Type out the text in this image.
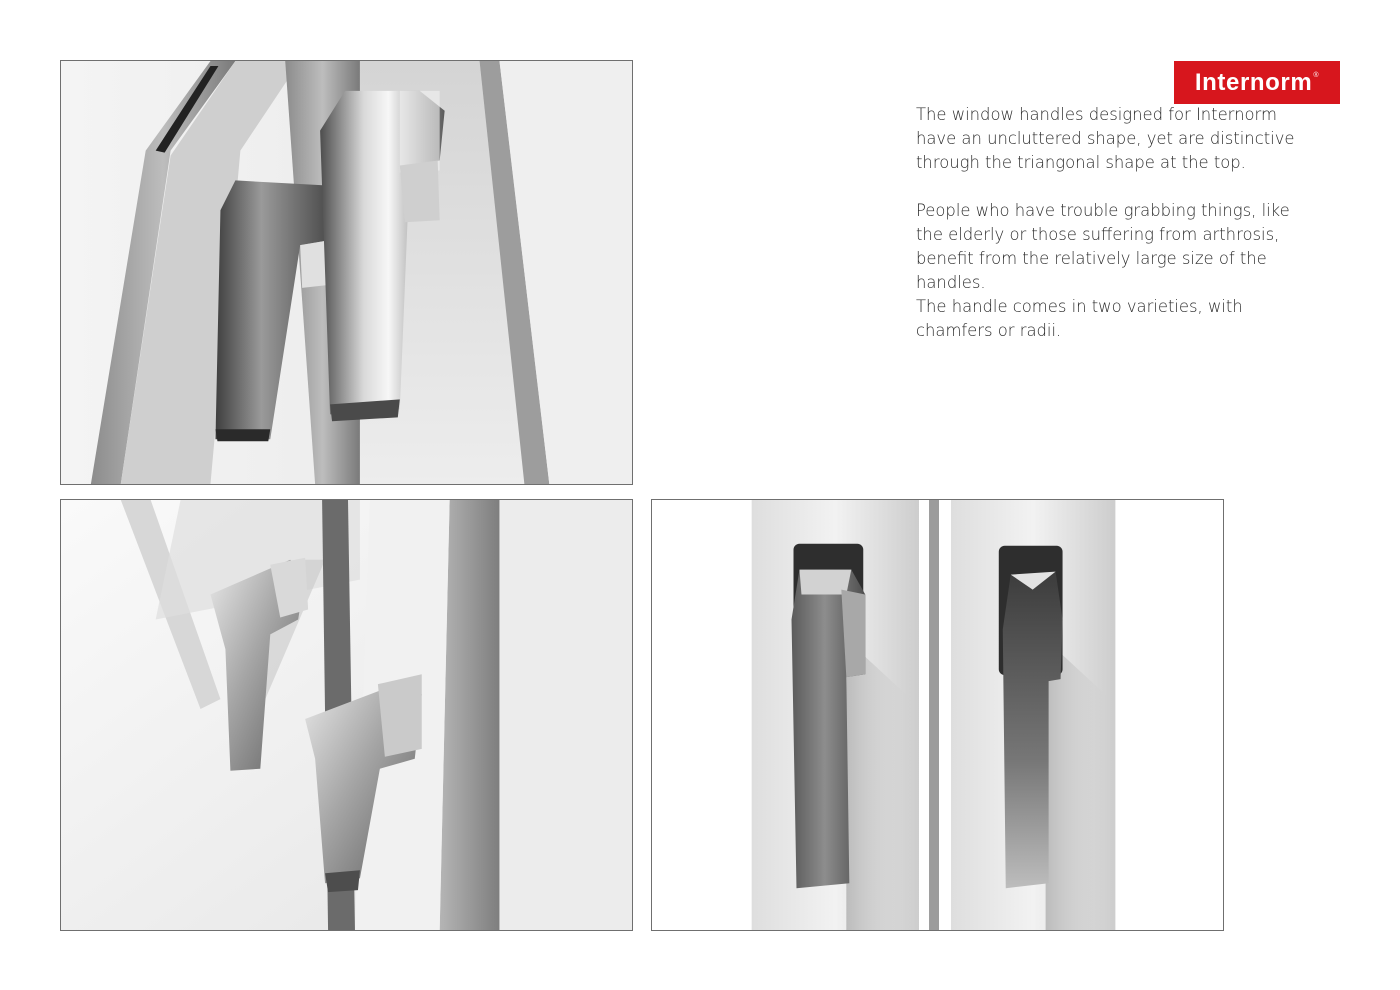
Internorm®

The window handles designed for Internorm have an uncluttered shape, yet are distinctive through the triangonal shape at the top.

People who have trouble grabbing things, like the elderly or those suffering from arthrosis, benefit from the relatively large size of the handles.

The handle comes in two varieties, with chamfers or radii.
